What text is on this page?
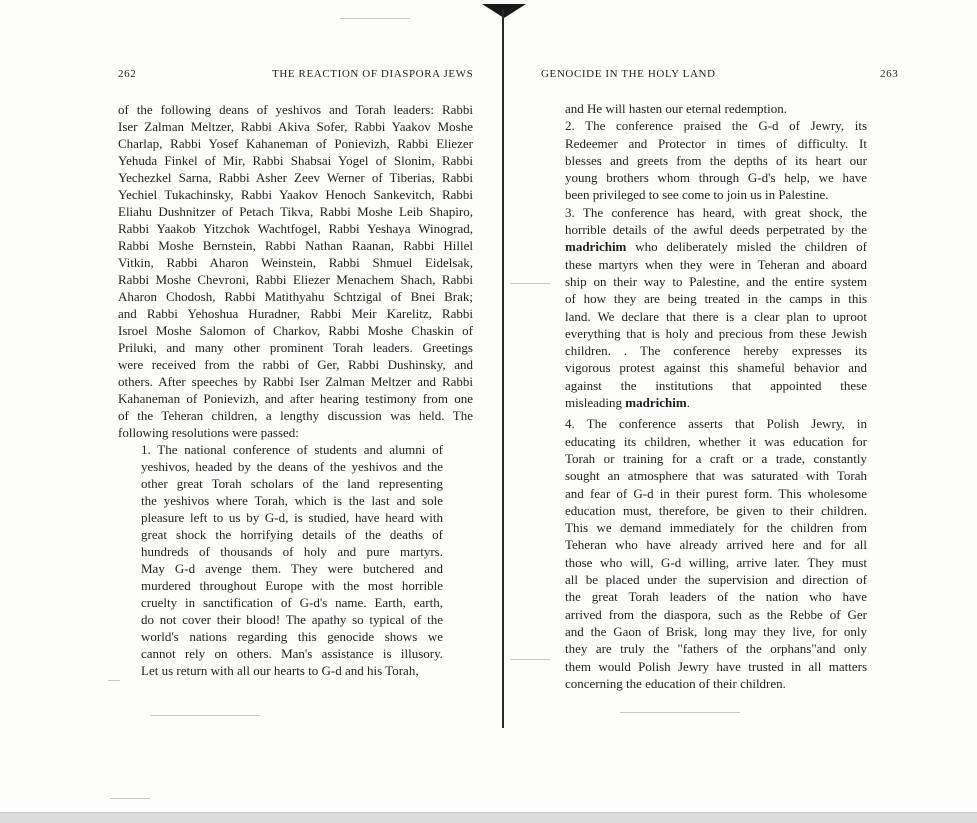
262	THE REACTION OF DIASPORA JEWS
of the following deans of yeshivos and Torah leaders: Rabbi
Iser Zalman Meltzer, Rabbi Akiva Sofer, Rabbi Yaakov Moshe
Charlap, Rabbi Yosef Kahaneman of Ponievizh, Rabbi Eliezer
Yehuda Finkel of Mir, Rabbi Shabsai Yogel of Slonim, Rabbi
Yechezkel Sarna, Rabbi Asher Zeev Werner of Tiberias, Rabbi
Yechiel Tukachinsky, Rabbi Yaakov Henoch Sankevitch, Rabbi
Eliahu Dushnitzer of Petach Tikva, Rabbi Moshe Leib Shapiro,
Rabbi Yaakob Yitzchok Wachtfogel, Rabbi Yeshaya Winograd,
Rabbi Moshe Bernstein, Rabbi Nathan Raanan, Rabbi Hillel
Vitkin, Rabbi Aharon Weinstein, Rabbi Shmuel Eidelsak,
Rabbi Moshe Chevroni, Rabbi Eliezer Menachem Shach, Rabbi
Aharon Chodosh, Rabbi Matithyahu Schtzigal of Bnei Brak;
and Rabbi Yehoshua Huradner, Rabbi Meir Karelitz, Rabbi
Isroel Moshe Salomon of Charkov, Rabbi Moshe Chaskin of
Priluki, and many other prominent Torah leaders. Greetings
were received from the rabbi of Ger, Rabbi Dushinsky, and
others. After speeches by Rabbi Iser Zalman Meltzer and Rabbi
Kahaneman of Ponievizh, and after hearing testimony from one
of the Teheran children, a lengthy discussion was held. The
following resolutions were passed:
1. The national conference of students and alumni of
yeshivos, headed by the deans of the yeshivos and the
other great Torah scholars of the land representing
the yeshivos where Torah, which is the last and sole
pleasure left to us by G-d, is studied, have heard with
great shock the horrifying details of the deaths of
hundreds of thousands of holy and pure martyrs.
May G-d avenge them. They were butchered and
murdered throughout Europe with the most horrible
cruelty in sanctification of G-d's name. Earth, earth,
do not cover their blood! The apathy so typical of the
world's nations regarding this genocide shows we
cannot rely on others. Man's assistance is illusory.
Let us return with all our hearts to G-d and his Torah,
GENOCIDE IN THE HOLY LAND	263
and He will hasten our eternal redemption.
2. The conference praised the G-d of Jewry, its
Redeemer and Protector in times of difficulty. It
blesses and greets from the depths of its heart our
young brothers whom through G-d's help, we have
been privileged to see come to join us in Palestine.
3. The conference has heard, with great shock, the
horrible details of the awful deeds perpetrated by the
madrichim who deliberately misled the children of
these martyrs when they were in Teheran and aboard
ship on their way to Palestine, and the entire system
of how they are being treated in the camps in this
land. We declare that there is a clear plan to uproot
everything that is holy and precious from these Jewish
children. . The conference hereby expresses its
vigorous protest against this shameful behavior and
against the institutions that appointed these
misleading madrichim.
4. The conference asserts that Polish Jewry, in
educating its children, whether it was education for
Torah or training for a craft or a trade, constantly
sought an atmosphere that was saturated with Torah
and fear of G-d in their purest form. This wholesome
education must, therefore, be given to their children.
This we demand immediately for the children from
Teheran who have already arrived here and for all
those who will, G-d willing, arrive later. They must
all be placed under the supervision and direction of
the great Torah leaders of the nation who have
arrived from the diaspora, such as the Rebbe of Ger
and the Gaon of Brisk, long may they live, for only
they are truly the "fathers of the orphans"and only
them would Polish Jewry have trusted in all matters
concerning the education of their children.
